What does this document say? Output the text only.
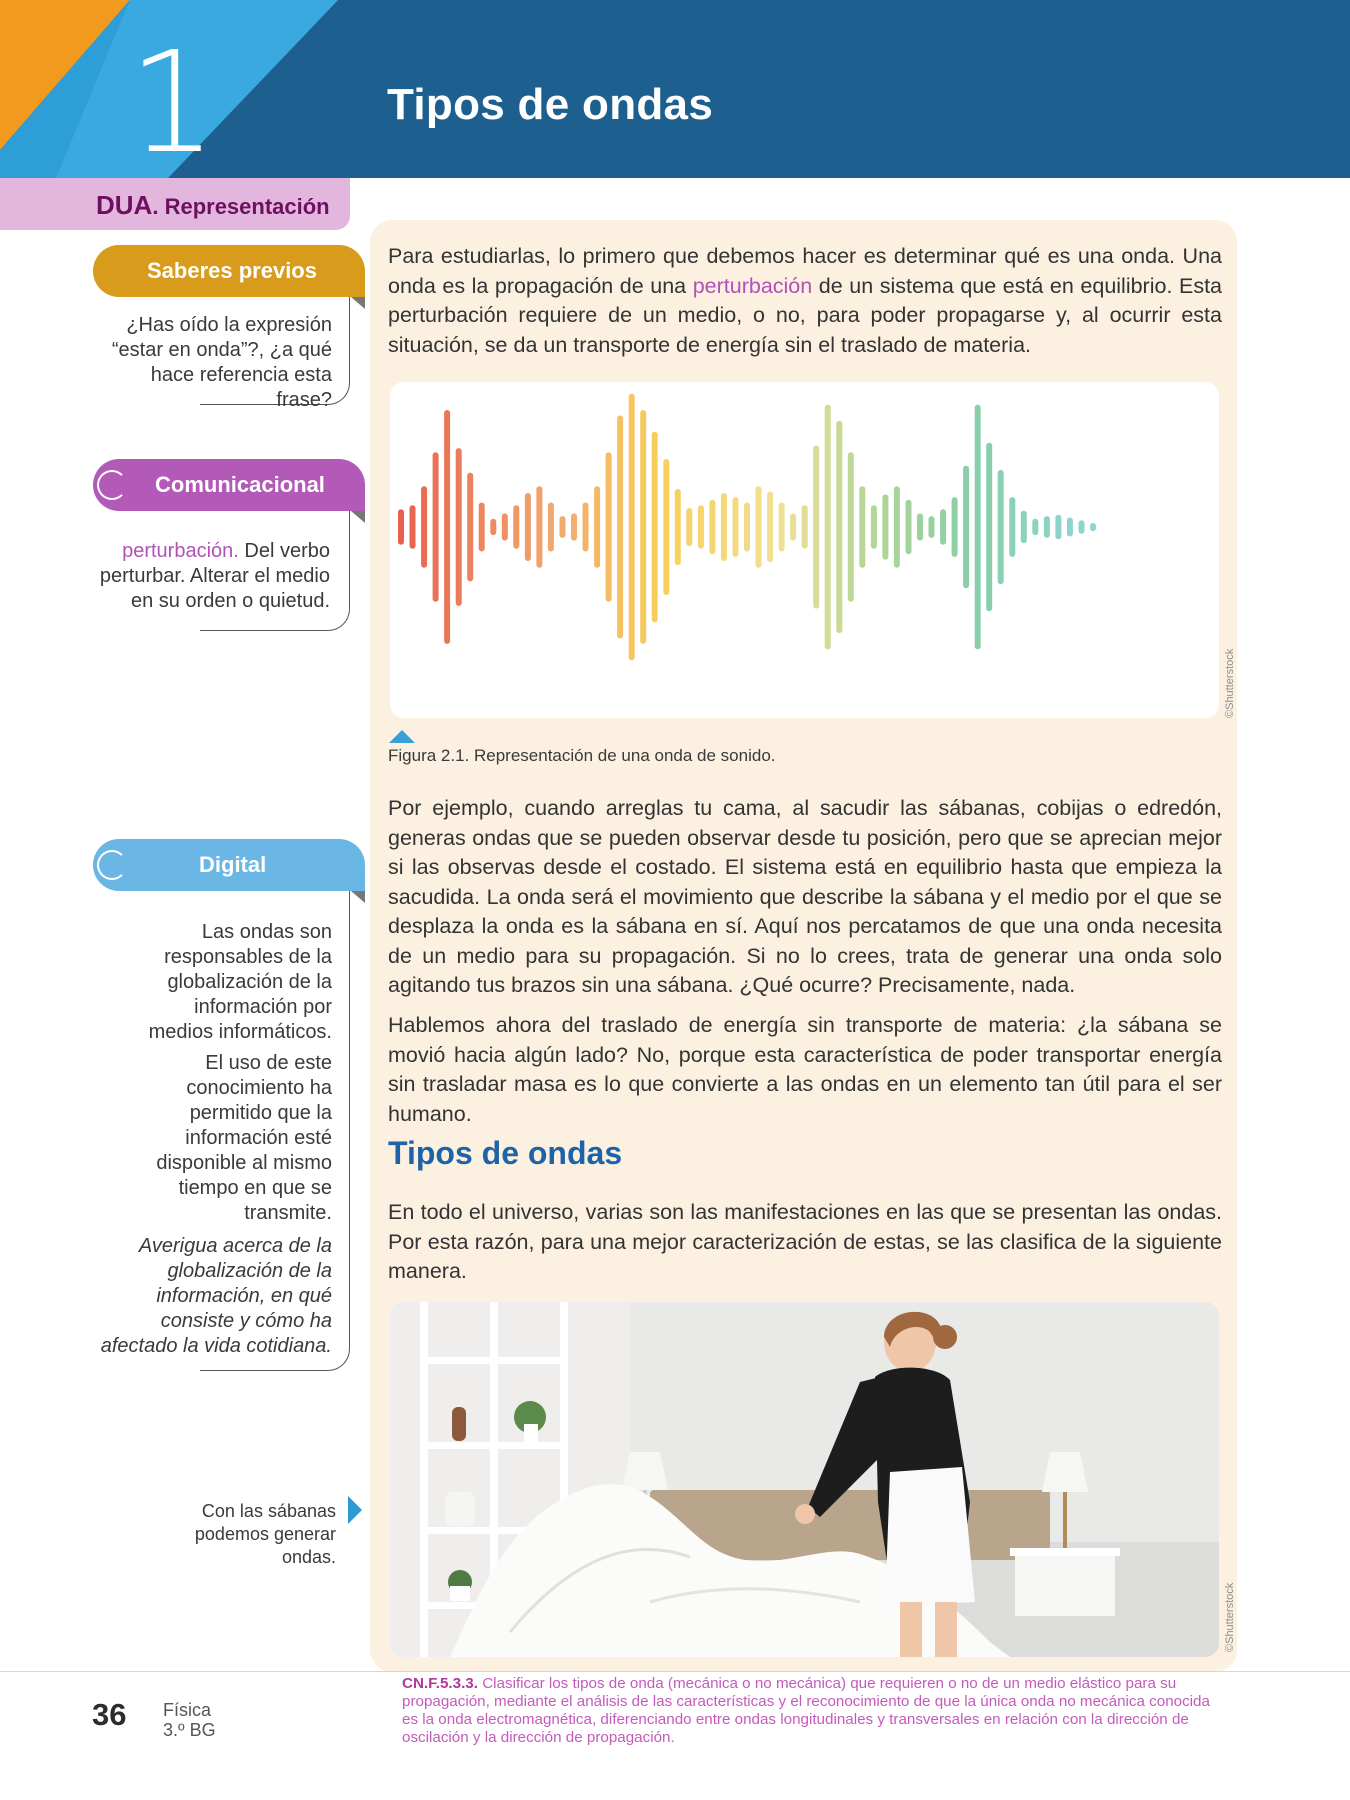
1	Tipos de ondas
DUA. Representación

Para estudiarlas, lo primero que debemos hacer es determinar qué es una onda. Una onda es la propagación de una perturbación de un sistema que está en equilibrio. Esta perturbación requiere de un medio, o no, para poder propagarse y, al ocurrir esta situación, se da un transporte de energía sin el traslado de materia.

©Shutterstock
Figura 2.1. Representación de una onda de sonido.

Por ejemplo, cuando arreglas tu cama, al sacudir las sábanas, cobijas o edredón, generas ondas que se pueden observar desde tu posición, pero que se aprecian mejor si las observas desde el costado. El sistema está en equilibrio hasta que empieza la sacudida. La onda será el movimiento que describe la sábana y el medio por el que se desplaza la onda es la sábana en sí. Aquí nos percatamos de que una onda necesita de un medio para su propagación. Si no lo crees, trata de generar una onda solo agitando tus brazos sin una sábana. ¿Qué ocurre? Precisamente, nada.

Hablemos ahora del traslado de energía sin transporte de materia: ¿la sábana se movió hacia algún lado? No, porque esta característica de poder transportar energía sin trasladar masa es lo que convierte a las ondas en un elemento tan útil para el ser humano.

Tipos de ondas

En todo el universo, varias son las manifestaciones en las que se presentan las ondas. Por esta razón, para una mejor caracterización de estas, se las clasifica de la siguiente manera.

©Shutterstock
Saberes previos
¿Has oído la expresión “estar en onda”?, ¿a qué hace referencia esta frase?
Comunicacional
perturbación. Del verbo perturbar. Alterar el medio en su orden o quietud.
Digital
Las ondas son responsables de la globalización de la información por medios informáticos.
El uso de este conocimiento ha permitido que la información esté disponible al mismo tiempo en que se transmite.
Averigua acerca de la globalización de la información, en qué consiste y cómo ha afectado la vida cotidiana.
Con las sábanas podemos generar ondas.
36 Física
3.º BG
CN.F.5.3.3. Clasificar los tipos de onda (mecánica o no mecánica) que requieren o no de un medio elástico para su propagación, mediante el análisis de las características y el reconocimiento de que la única onda no mecánica conocida es la onda electromagnética, diferenciando entre ondas longitudinales y transversales en relación con la dirección de oscilación y la dirección de propagación.
